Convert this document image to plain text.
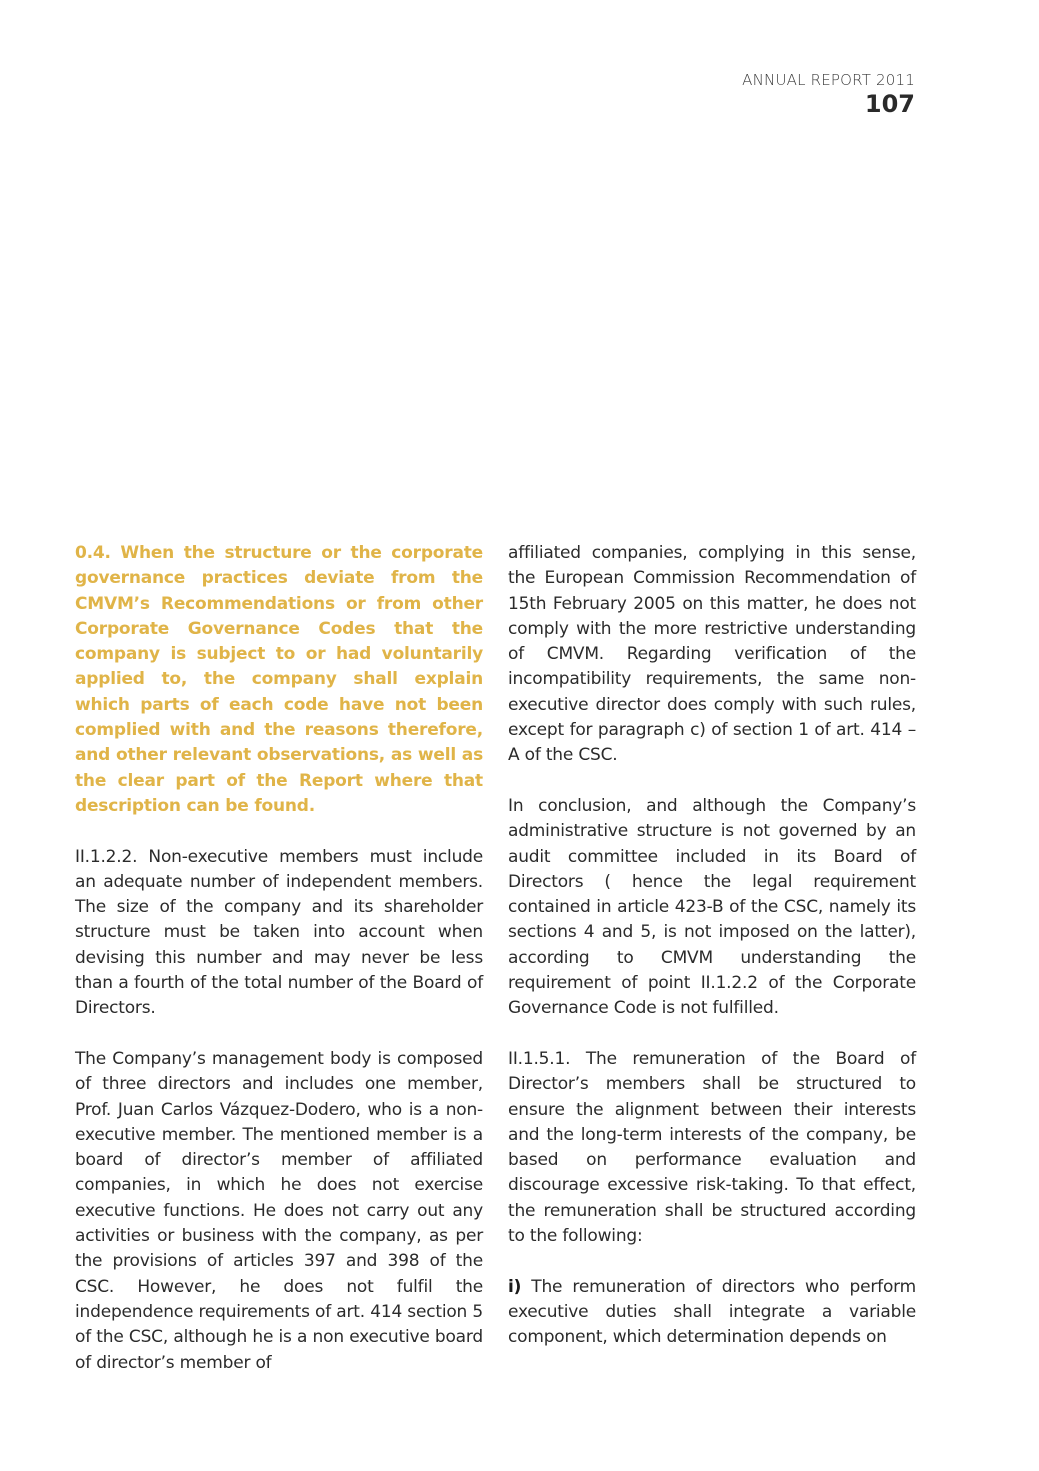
ANNUAL REPORT 2011
107

0.4. When the structure or the corporate governance practices deviate from the CMVM’s Recommendations or from other Corporate Governance Codes that the company is subject to or had voluntarily applied to, the company shall explain which parts of each code have not been complied with and the reasons therefore, and other relevant observations, as well as the clear part of the Report where that description can be found.

II.1.2.2. Non-executive members must include an adequate number of independent members. The size of the company and its shareholder structure must be taken into account when devising this number and may never be less than a fourth of the total number of the Board of Directors.

The Company’s management body is composed of three directors and includes one member, Prof. Juan Carlos Vázquez-Dodero, who is a non-executive member. The mentioned member is a board of director’s member of affiliated companies, in which he does not exercise executive functions. He does not carry out any activities or business with the company, as per the provisions of articles 397 and 398 of the CSC. However, he does not fulfil the independence requirements of art. 414 section 5 of the CSC, although he is a non executive board of director’s member of

affiliated companies, complying in this sense, the European Commission Recommendation of 15th February 2005 on this matter, he does not comply with the more restrictive understanding of CMVM. Regarding verification of the incompatibility requirements, the same non-executive director does comply with such rules, except for paragraph c) of section 1 of art. 414 – A of the CSC.

In conclusion, and although the Company’s administrative structure is not governed by an audit committee included in its Board of Directors ( hence the legal requirement contained in article 423-B of the CSC, namely its sections 4 and 5, is not imposed on the latter), according to CMVM understanding the requirement of point II.1.2.2 of the Corporate Governance Code is not fulfilled.

II.1.5.1. The remuneration of the Board of Director’s members shall be structured to ensure the alignment between their interests and the long-term interests of the company, be based on performance evaluation and discourage excessive risk-taking. To that effect, the remuneration shall be structured according to the following:

i) The remuneration of directors who perform executive duties shall integrate a variable component, which determination depends on
